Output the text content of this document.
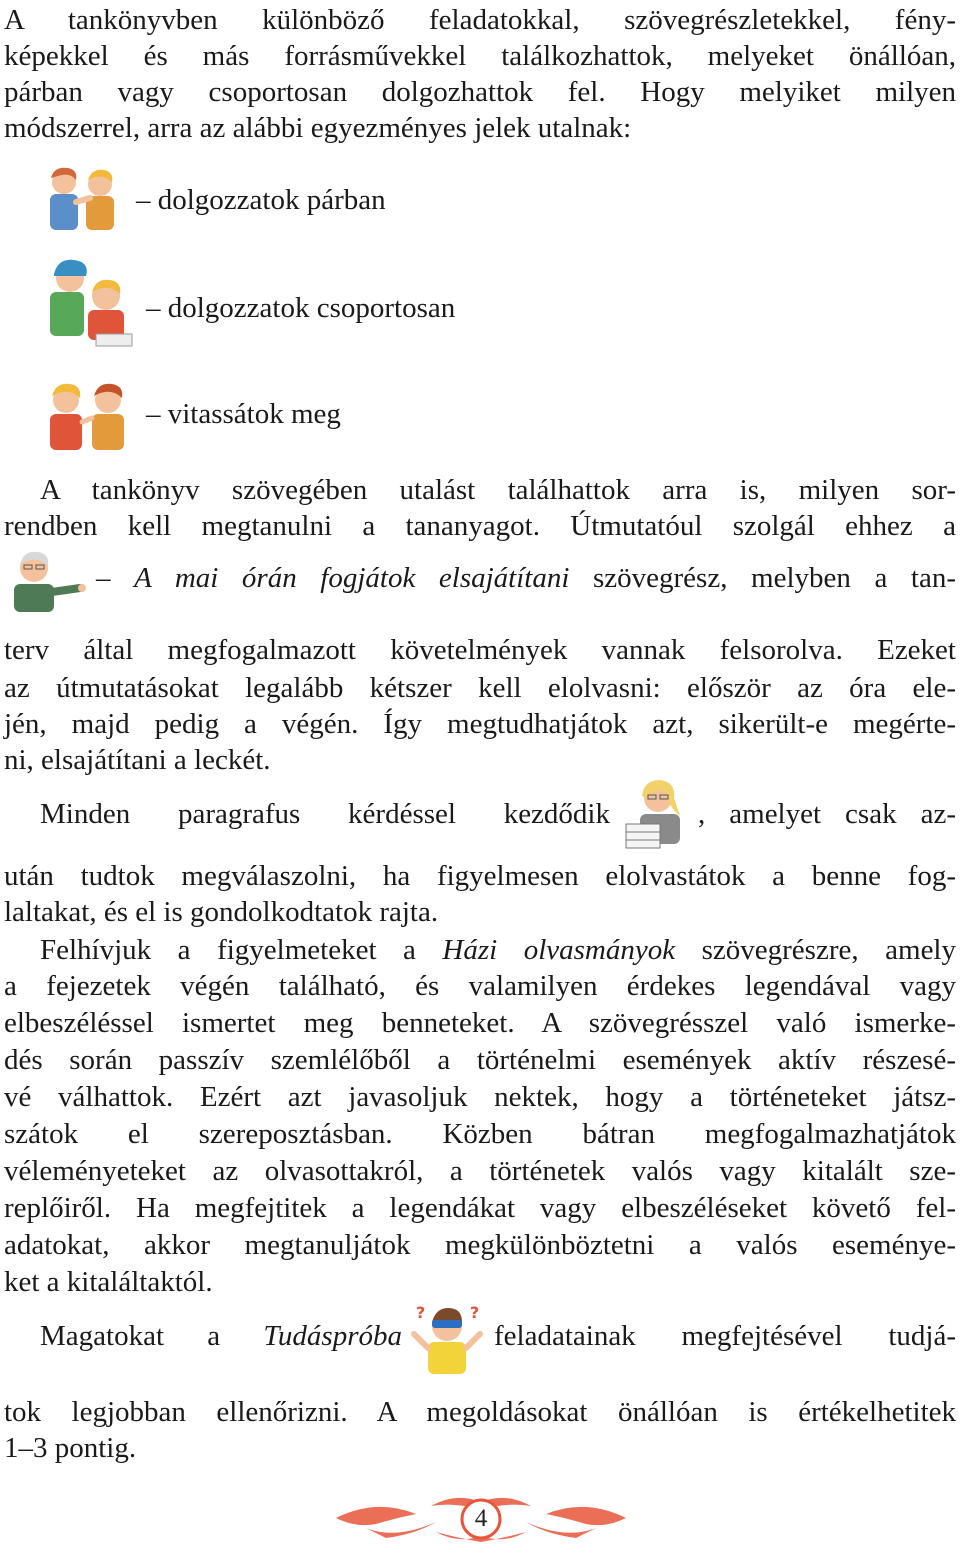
A tankönyvben különböző feladatokkal, szövegrészletekkel, fény-
képekkel és más forrásművekkel találkozhattok, melyeket önállóan,
párban vagy csoportosan dolgozhattok fel. Hogy melyiket milyen
módszerrel, arra az alábbi egyezményes jelek utalnak:
– dolgozzatok párban
– dolgozzatok csoportosan
– vitassátok meg
A tankönyv szövegében utalást találhattok arra is, milyen sor-
rendben kell megtanulni a tananyagot. Útmutatóul szolgál ehhez a
– A mai órán fogjátok elsajátítani szövegrész, melyben a tan-
terv által megfogalmazott követelmények vannak felsorolva. Ezeket
az útmutatásokat legalább kétszer kell elolvasni: először az óra ele-
jén, majd pedig a végén. Így megtudhatjátok azt, sikerült-e megérte-
ni, elsajátítani a leckét.
Minden paragrafus kérdéssel kezdődik	, amelyet csak az-
után tudtok megválaszolni, ha figyelmesen elolvastátok a benne fog-
laltakat, és el is gondolkodtatok rajta.
Felhívjuk a figyelmeteket a Házi olvasmányok szövegrészre, amely
a fejezetek végén található, és valamilyen érdekes legendával vagy
elbeszéléssel ismertet meg benneteket. A szövegrésszel való ismerke-
dés során passzív szemlélőből a történelmi események aktív részesé-
vé válhattok. Ezért azt javasoljuk nektek, hogy a történeteket játsz-
szátok el szereposztásban. Közben bátran megfogalmazhatjátok
véleményeteket az olvasottakról, a történetek valós vagy kitalált sze-
replőiről. Ha megfejtitek a legendákat vagy elbeszéléseket követő fel-
adatokat, akkor megtanuljátok megkülönböztetni a valós eseménye-
ket a kitaláltaktól.
Magatokat a Tudáspróba
?	?
feladatainak megfejtésével tudjá-
tok legjobban ellenőrizni. A megoldásokat önállóan is értékelhetitek
1–3 pontig.
4
